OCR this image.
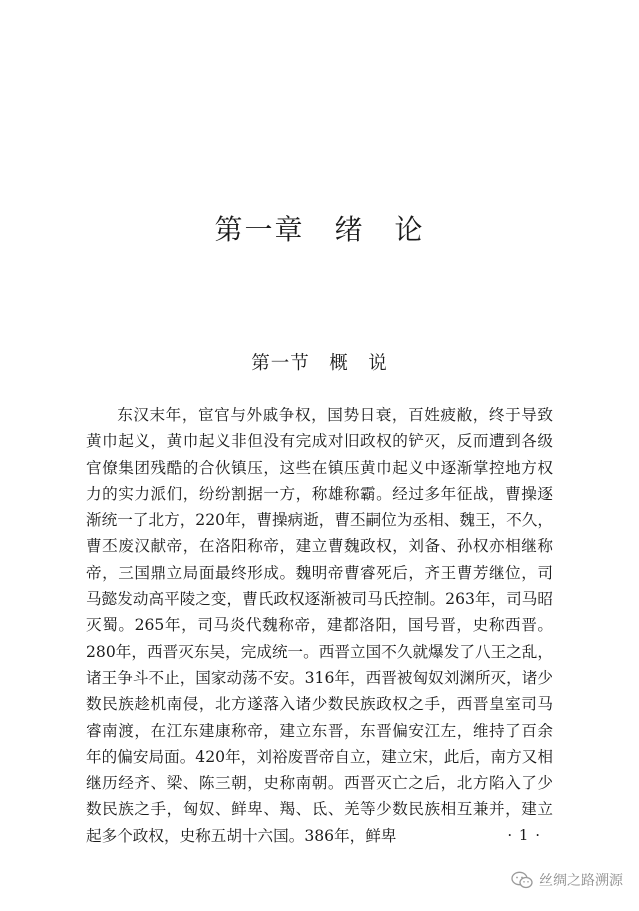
第一章　绪　论
第一节　概　说

东汉末年，宦官与外戚争权，国势日衰，百姓疲敝，终于导致黄巾起义，黄巾起义非但没有完成对旧政权的铲灭，反而遭到各级官僚集团残酷的合伙镇压，这些在镇压黄巾起义中逐渐掌控地方权力的实力派们，纷纷割据一方，称雄称霸。经过多年征战，曹操逐渐统一了北方，220年，曹操病逝，曹丕嗣位为丞相、魏王，不久，曹丕废汉献帝，在洛阳称帝，建立曹魏政权，刘备、孙权亦相继称帝，三国鼎立局面最终形成。魏明帝曹睿死后，齐王曹芳继位，司马懿发动高平陵之变，曹氏政权逐渐被司马氏控制。263年，司马昭灭蜀。265年，司马炎代魏称帝，建都洛阳，国号晋，史称西晋。280年，西晋灭东吴，完成统一。西晋立国不久就爆发了八王之乱，诸王争斗不止，国家动荡不安。316年，西晋被匈奴刘渊所灭，诸少数民族趁机南侵，北方遂落入诸少数民族政权之手，西晋皇室司马睿南渡，在江东建康称帝，建立东晋，东晋偏安江左，维持了百余年的偏安局面。420年，刘裕废晋帝自立，建立宋，此后，南方又相继历经齐、梁、陈三朝，史称南朝。西晋灭亡之后，北方陷入了少数民族之手，匈奴、鲜卑、羯、氐、羌等少数民族相互兼并，建立起多个政权，史称五胡十六国。386年，鲜卑	· 1 ·
丝绸之路溯源
